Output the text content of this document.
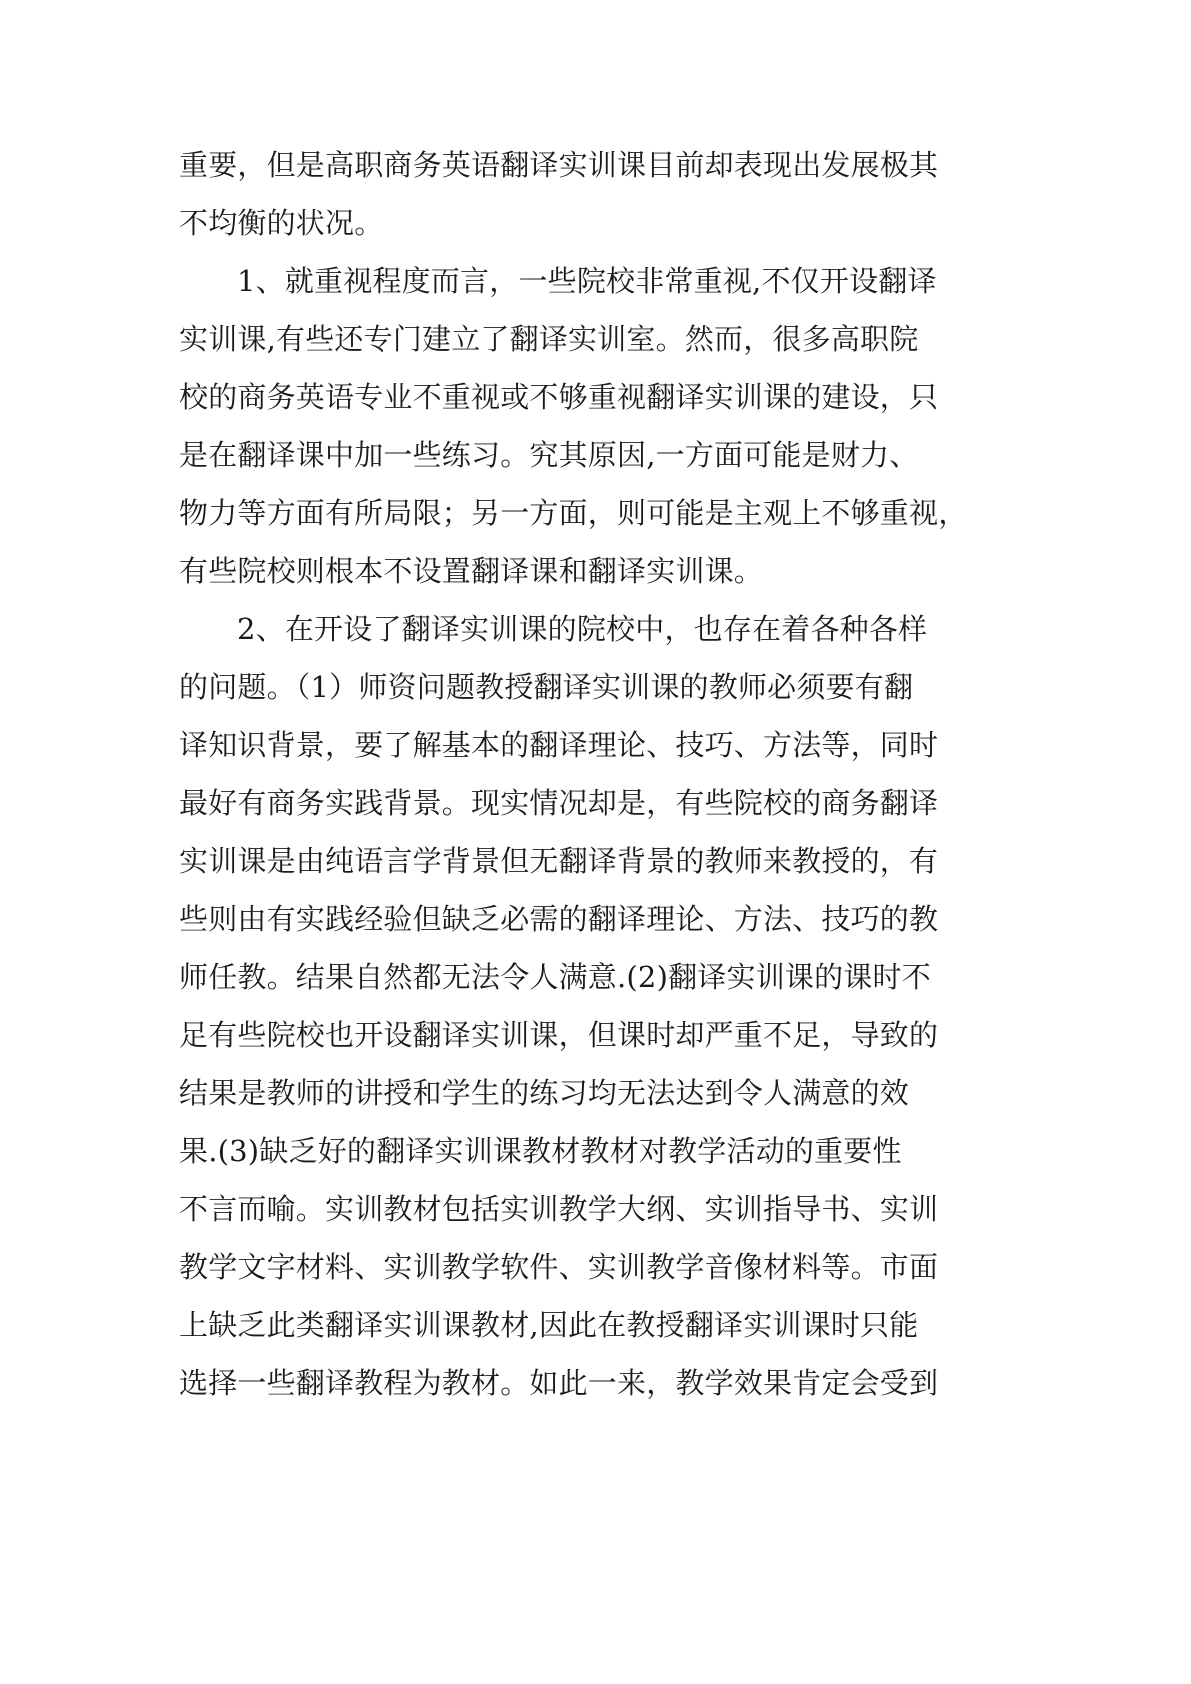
重要，但是高职商务英语翻译实训课目前却表现出发展极其
不均衡的状况。
1、就重视程度而言，一些院校非常重视,不仅开设翻译
实训课,有些还专门建立了翻译实训室。然而，很多高职院
校的商务英语专业不重视或不够重视翻译实训课的建设，只
是在翻译课中加一些练习。究其原因,一方面可能是财力、
物力等方面有所局限；另一方面，则可能是主观上不够重视，
有些院校则根本不设置翻译课和翻译实训课。
2、在开设了翻译实训课的院校中，也存在着各种各样
的问题。（1）师资问题教授翻译实训课的教师必须要有翻
译知识背景，要了解基本的翻译理论、技巧、方法等，同时
最好有商务实践背景。现实情况却是，有些院校的商务翻译
实训课是由纯语言学背景但无翻译背景的教师来教授的，有
些则由有实践经验但缺乏必需的翻译理论、方法、技巧的教
师任教。结果自然都无法令人满意.(2)翻译实训课的课时不
足有些院校也开设翻译实训课，但课时却严重不足，导致的
结果是教师的讲授和学生的练习均无法达到令人满意的效
果.(3)缺乏好的翻译实训课教材教材对教学活动的重要性
不言而喻。实训教材包括实训教学大纲、实训指导书、实训
教学文字材料、实训教学软件、实训教学音像材料等。市面
上缺乏此类翻译实训课教材,因此在教授翻译实训课时只能
选择一些翻译教程为教材。如此一来，教学效果肯定会受到
